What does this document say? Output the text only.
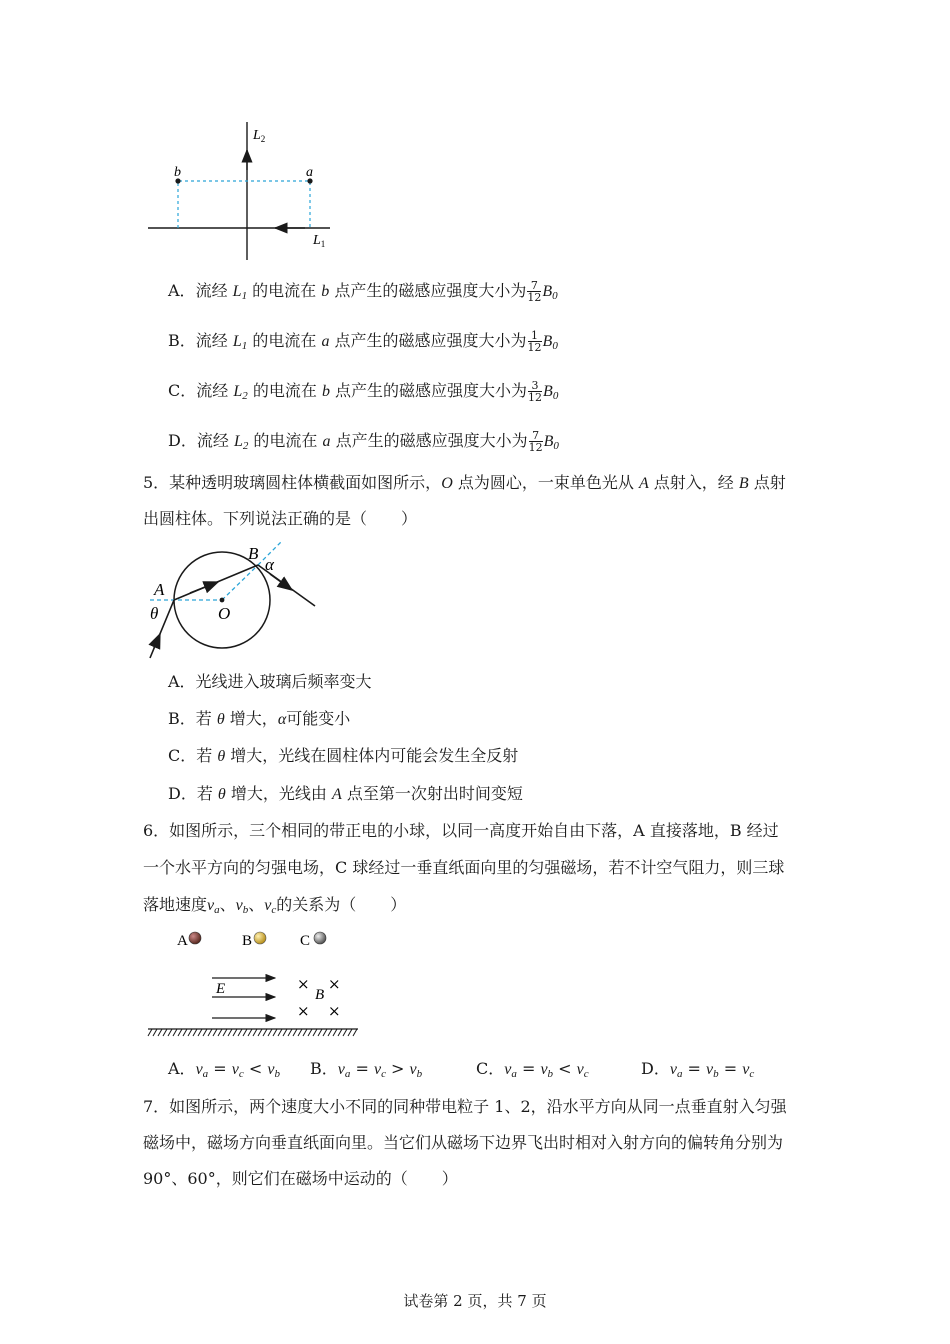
b	a
$L_2$
$L_1$
A．流经 $L_1$ 的电流在 b 点产生的磁感应强度大小为 $\frac{7}{12} B_0$
B．流经 $L_1$ 的电流在 a 点产生的磁感应强度大小为 $\frac{1}{12} B_0$
C．流经 $L_2$ 的电流在 b 点产生的磁感应强度大小为 $\frac{3}{12} B_0$
D．流经 $L_2$ 的电流在 a 点产生的磁感应强度大小为 $\frac{7}{12} B_0$
5．某种透明玻璃圆柱体横截面如图所示，O 点为圆心，一束单色光从 A 点射入，经 B 点射
出圆柱体。下列说法正确的是（ ）
A
θ	O
B
α
A．光线进入玻璃后频率变大
B．若 θ 增大，α可能变小
C．若 θ 增大，光线在圆柱体内可能会发生全反射
D．若 θ 增大，光线由 A 点至第一次射出时间变短
6．如图所示，三个相同的带正电的小球，以同一高度开始自由下落，A 直接落地，B 经过
一个水平方向的匀强电场，C 球经过一垂直纸面向里的匀强磁场，若不计空气阻力，则三球
落地速度$v_a$、$v_b$、$v_c$的关系为（ ）
A	B	C
E	× ×
× ×
B
A．$v_a = v_c < v_b$ B．$v_a = v_c > v_b$	C．$v_a = v_b < v_c$	D．$v_a = v_b = v_c$
7．如图所示，两个速度大小不同的同种带电粒子 1、2，沿水平方向从同一点垂直射入匀强
磁场中，磁场方向垂直纸面向里。当它们从磁场下边界飞出时相对入射方向的偏转角分别为
90°、60°，则它们在磁场中运动的（ ）
试卷第 2 页，共 7 页
